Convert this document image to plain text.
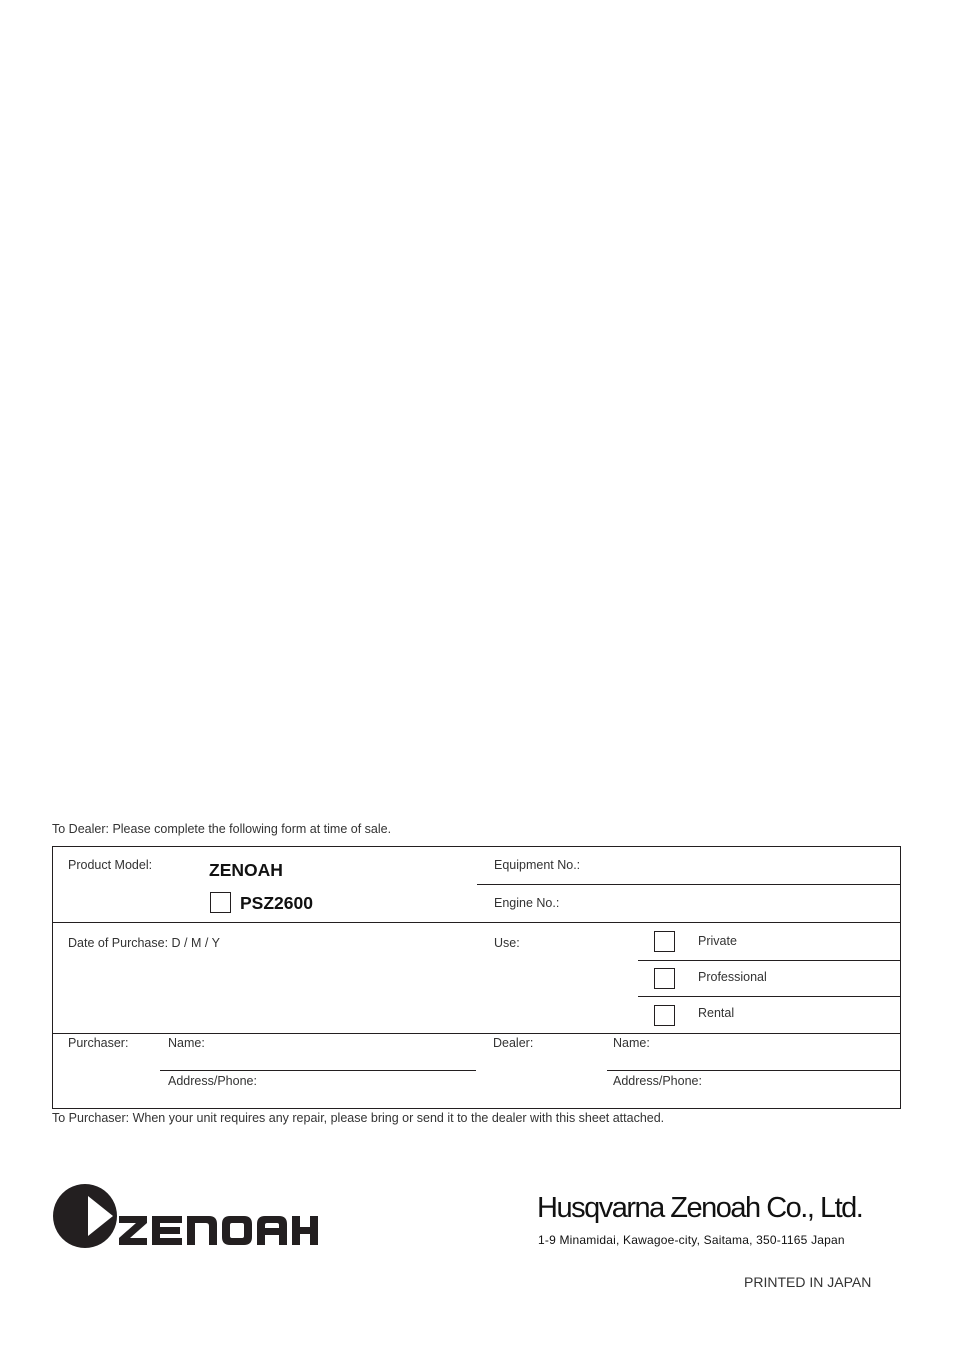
To Dealer: Please complete the following form at time of sale.
Product Model:	ZENOAH
PSZ2600
Equipment No.:
Engine No.:
Date of Purchase: D / M / Y	Use:	Private
Professional
Rental
Purchaser:	Name:
Address/Phone:
Dealer:	Name:
Address/Phone:
To Purchaser: When your unit requires any repair, please bring or send it to the dealer with this sheet attached.
Husqvarna Zenoah Co., Ltd.
1-9 Minamidai, Kawagoe-city, Saitama, 350-1165 Japan
PRINTED IN JAPAN
